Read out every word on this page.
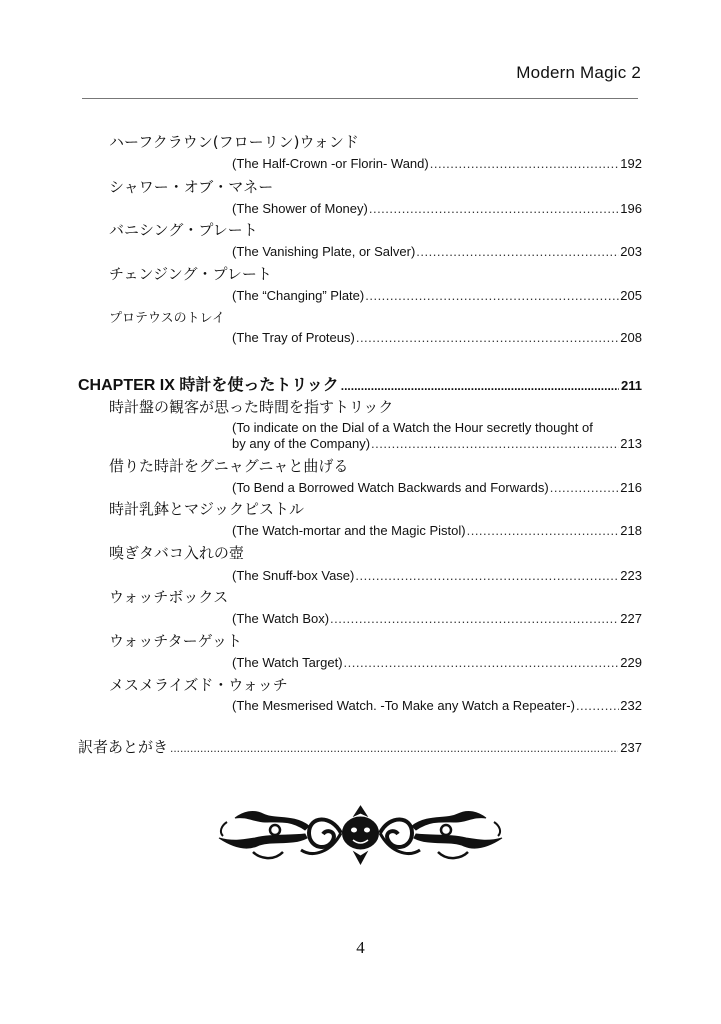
Modern Magic 2
ハーフクラウン(フローリン)ウォンド
(The Half-Crown -or Florin- Wand) .....	192
シャワー・オブ・マネー
(The Shower of Money) .....	196
バニシング・プレート
(The Vanishing Plate, or Salver) .....	203
チェンジング・プレート
(The “Changing” Plate) .....	205
プロテウスのトレイ
(The Tray of Proteus) .....	208
CHAPTER IX 時計を使ったトリック .....	211
時計盤の観客が思った時間を指すトリック
(To indicate on the Dial of a Watch the Hour secretly thought of
by any of the Company) .....	213
借りた時計をグニャグニャと曲げる
(To Bend a Borrowed Watch Backwards and Forwards) .....	216
時計乳鉢とマジックピストル
(The Watch-mortar and the Magic Pistol) .....	218
嗅ぎタバコ入れの壺
(The Snuff-box Vase) .....	223
ウォッチボックス
(The Watch Box) .....	227
ウォッチターゲット
(The Watch Target) .....	229
メスメライズド・ウォッチ
(The Mesmerised Watch. -To Make any Watch a Repeater-) .....	232
訳者あとがき .....	237
4
